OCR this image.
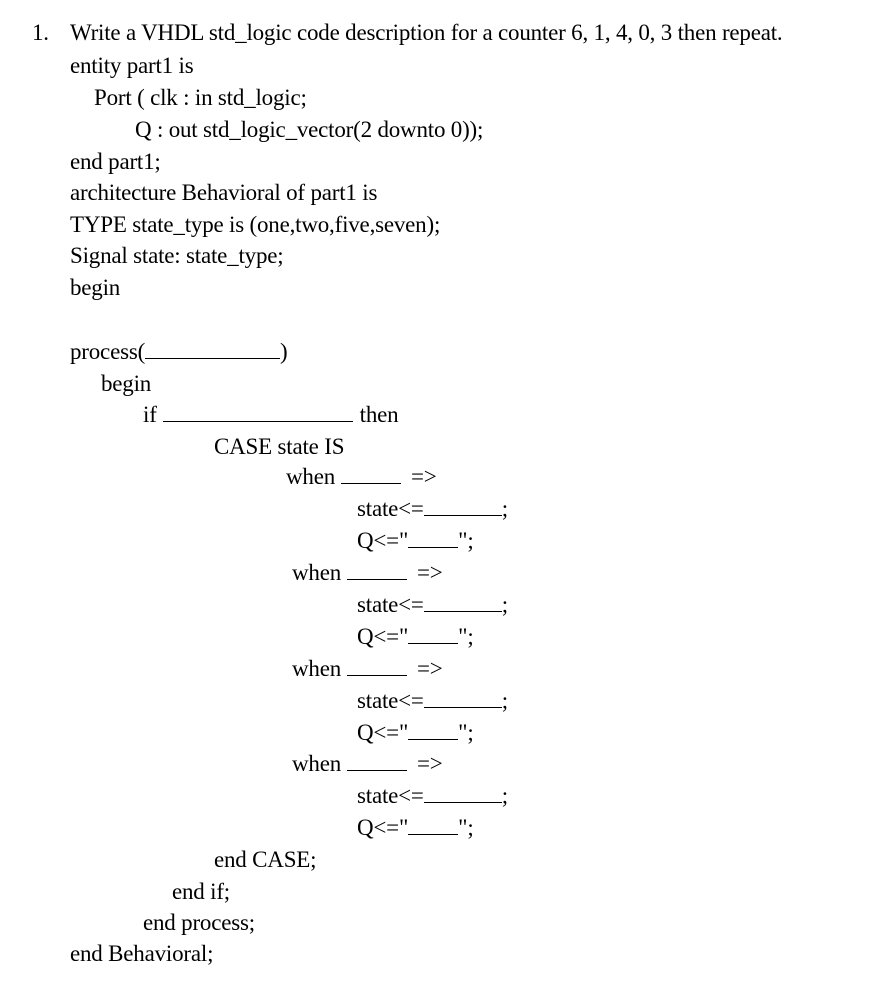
1. Write a VHDL std_logic code description for a counter 6, 1, 4, 0, 3 then repeat.
entity part1 is
Port ( clk : in std_logic;
Q : out std_logic_vector(2 downto 0));
end part1;
architecture Behavioral of part1 is
TYPE state_type is (one,two,five,seven);
Signal state: state_type;
begin
process(	)
begin
if	then
CASE state IS
when	=>
state<=	;
Q<=" ";
when	=>
state<=	;
Q<=" ";
when	=>
state<=	;
Q<=" ";
when	=>
state<=	;
Q<=" ";
end CASE;
end if;
end process;
end Behavioral;
